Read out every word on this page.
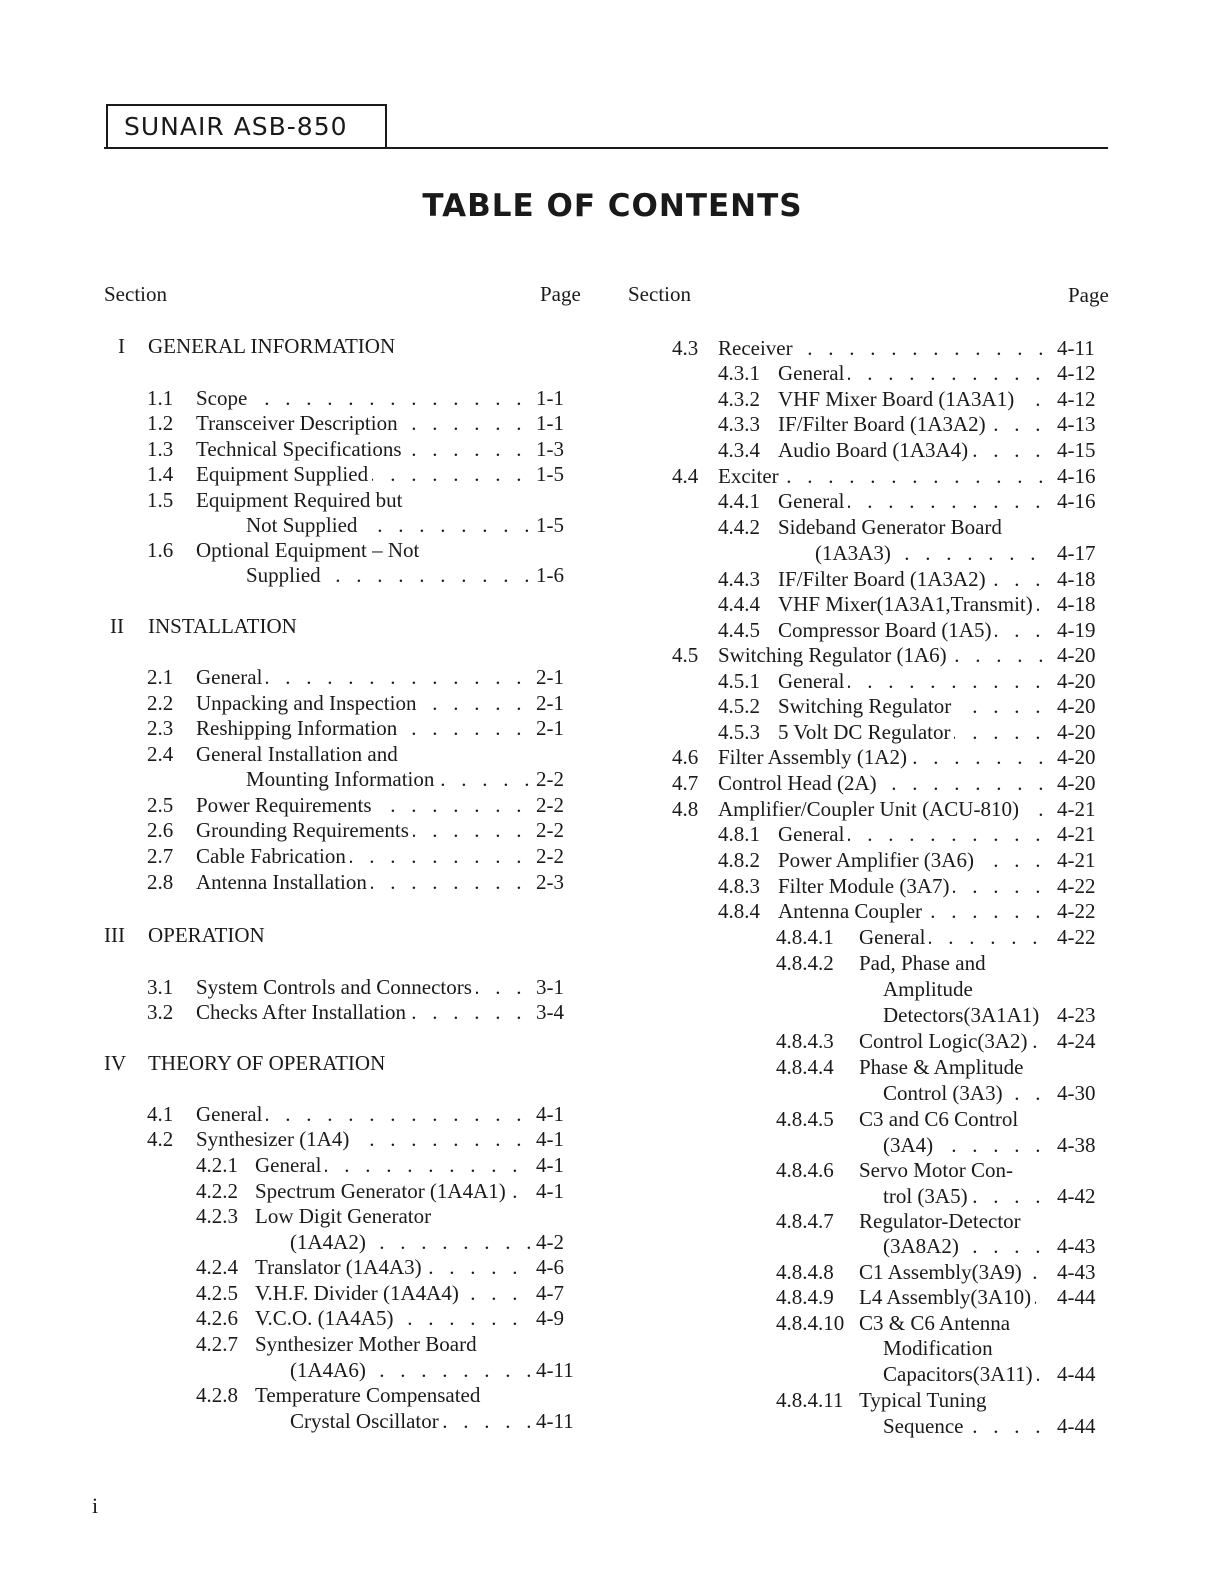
SUNAIR ASB-850
TABLE OF CONTENTS
Section	Page Section	Page
I GENERAL INFORMATION
1.1 Scope . .	1-1
1.2 Transceiver Description . .	1-1
1.3 Technical Specifications . .	1-3
1.4 Equipment Supplied . .	1-5
1.5 Equipment Required but
Not Supplied . .	1-5
1.6 Optional Equipment – Not
Supplied . .	1-6
II INSTALLATION
2.1 General . .	2-1
2.2 Unpacking and Inspection . .	2-1
2.3 Reshipping Information . .	2-1
2.4 General Installation and
Mounting Information . .	2-2
2.5 Power Requirements . .	2-2
2.6 Grounding Requirements . .	2-2
2.7 Cable Fabrication . .	2-2
2.8 Antenna Installation . .	2-3
III OPERATION
3.1 System Controls and Connectors . .	3-1
3.2 Checks After Installation . .	3-4
IV THEORY OF OPERATION
4.1 General . .	4-1
4.2 Synthesizer (1A4) . .	4-1
4.2.1 General . .	4-1
4.2.2 Spectrum Generator (1A4A1) . .	4-1
4.2.3 Low Digit Generator
(1A4A2) . .	4-2
4.2.4 Translator (1A4A3) . .	4-6
4.2.5 V.H.F. Divider (1A4A4) . .	4-7
4.2.6 V.C.O. (1A4A5) . .	4-9
4.2.7 Synthesizer Mother Board
(1A4A6) . .	4-11
4.2.8 Temperature Compensated
Crystal Oscillator . .	4-11
4.3 Receiver . .	4-11
4.3.1 General . .	4-12
4.3.2 VHF Mixer Board (1A3A1) . .	4-12
4.3.3 IF/Filter Board (1A3A2) . .	4-13
4.3.4 Audio Board (1A3A4) . .	4-15
4.4 Exciter . .	4-16
4.4.1 General . .	4-16
4.4.2 Sideband Generator Board
(1A3A3) . .	4-17
4.4.3 IF/Filter Board (1A3A2) . .	4-18
4.4.4 VHF Mixer(1A3A1,Transmit) . .	4-18
4.4.5 Compressor Board (1A5) . .	4-19
4.5 Switching Regulator (1A6) . .	4-20
4.5.1 General . .	4-20
4.5.2 Switching Regulator . .	4-20
4.5.3 5 Volt DC Regulator . .	4-20
4.6 Filter Assembly (1A2) . .	4-20
4.7 Control Head (2A) . .	4-20
4.8 Amplifier/Coupler Unit (ACU-810) . .	4-21
4.8.1 General . .	4-21
4.8.2 Power Amplifier (3A6) . .	4-21
4.8.3 Filter Module (3A7) . .	4-22
4.8.4 Antenna Coupler . .	4-22
4.8.4.1 General . .	4-22
4.8.4.2 Pad, Phase and
Amplitude
Detectors(3A1A1) . . 4-23
4.8.4.3 Control Logic(3A2) . .	4-24
4.8.4.4 Phase & Amplitude
Control (3A3) . .	4-30
4.8.4.5 C3 and C6 Control
(3A4) . .	4-38
4.8.4.6 Servo Motor Con-
trol (3A5) . .	4-42
4.8.4.7 Regulator-Detector
(3A8A2) . .	4-43
4.8.4.8 C1 Assembly(3A9) . .	4-43
4.8.4.9 L4 Assembly(3A10) . .	4-44
4.8.4.10 C3 & C6 Antenna
Modification
Capacitors(3A11) . .	4-44
4.8.4.11 Typical Tuning
Sequence . .	4-44
i
